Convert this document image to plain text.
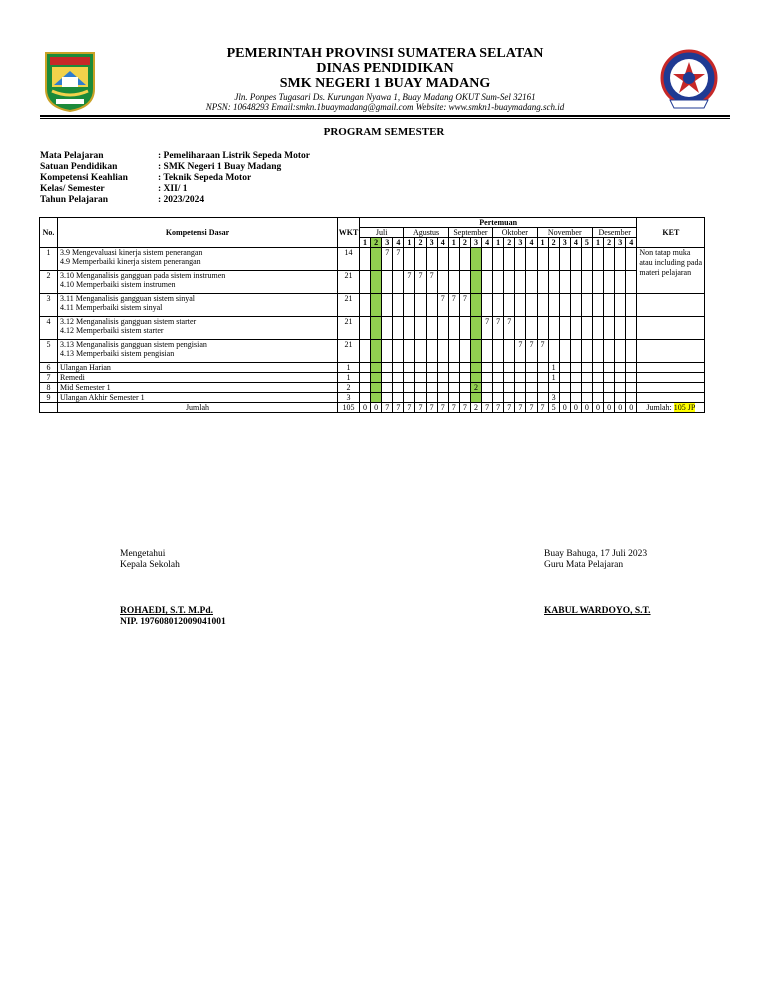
PEMERINTAH PROVINSI SUMATERA SELATAN
DINAS PENDIDIKAN
SMK NEGERI 1 BUAY MADANG
Jln. Ponpes Tugasari Ds. Kurungan Nyawa 1, Buay Madang OKUT Sum-Sel 32161
NPSN: 10648293 Email:smkn.1buaymadang@gmail.com Website: www.smkn1-buaymadang.sch.id
PROGRAM SEMESTER
Mata Pelajaran	: Pemeliharaan Listrik Sepeda Motor
Satuan Pendidikan	: SMK Negeri 1 Buay Madang
Kompetensi Keahlian	: Teknik Sepeda Motor
Kelas/ Semester	: XII/ 1
Tahun Pelajaran	: 2023/2024
No.	Kompetensi Dasar	WKT	Pertemuan																									KET
			Juli				Agustus				September				Oktober				November					Desember				
			1	2	3	4	1	2	3	4	1	2	3	4	1	2	3	4	1	2	3	4	5	1	2	3	4	
1	3.9 Mengevaluasi kinerja sistem penerangan
4.9 Memperbaiki kinerja sistem penerangan	14			7	7																						Non tatap muka atau including pada materi pelajaran
2	3.10 Menganalisis gangguan pada sistem instrumen
4.10 Memperbaiki sistem instrumen	21					7	7	7																			
3	3.11 Menganalisis gangguan sistem sinyal
4.11 Memperbaiki sistem sinyal	21								7	7	7																
4	3.12 Menganalisis gangguan sistem starter
4.12 Memperbaiki sistem starter	21												7	7	7												
5	3.13 Menganalisis gangguan sistem pengisian
4.13 Memperbaiki sistem pengisian	21															7	7	7									
6	Ulangan Harian	1																		1								
7	Remedi	1																		1								
8	Mid Semester 1	2											2															
9	Ulangan Akhir Semester 1	3																		3								
	Jumlah	105	0	0	7	7	7	7	7	7	7	7	2	7	7	7	7	7	7	5	0	0	0	0	0	0	0	Jumlah: 105 JP
Mengetahui
Kepala Sekolah
ROHAEDI, S.T. M.Pd.
NIP. 197608012009041001
Buay Bahuga, 17 Juli 2023
Guru Mata Pelajaran
KABUL WARDOYO, S.T.
